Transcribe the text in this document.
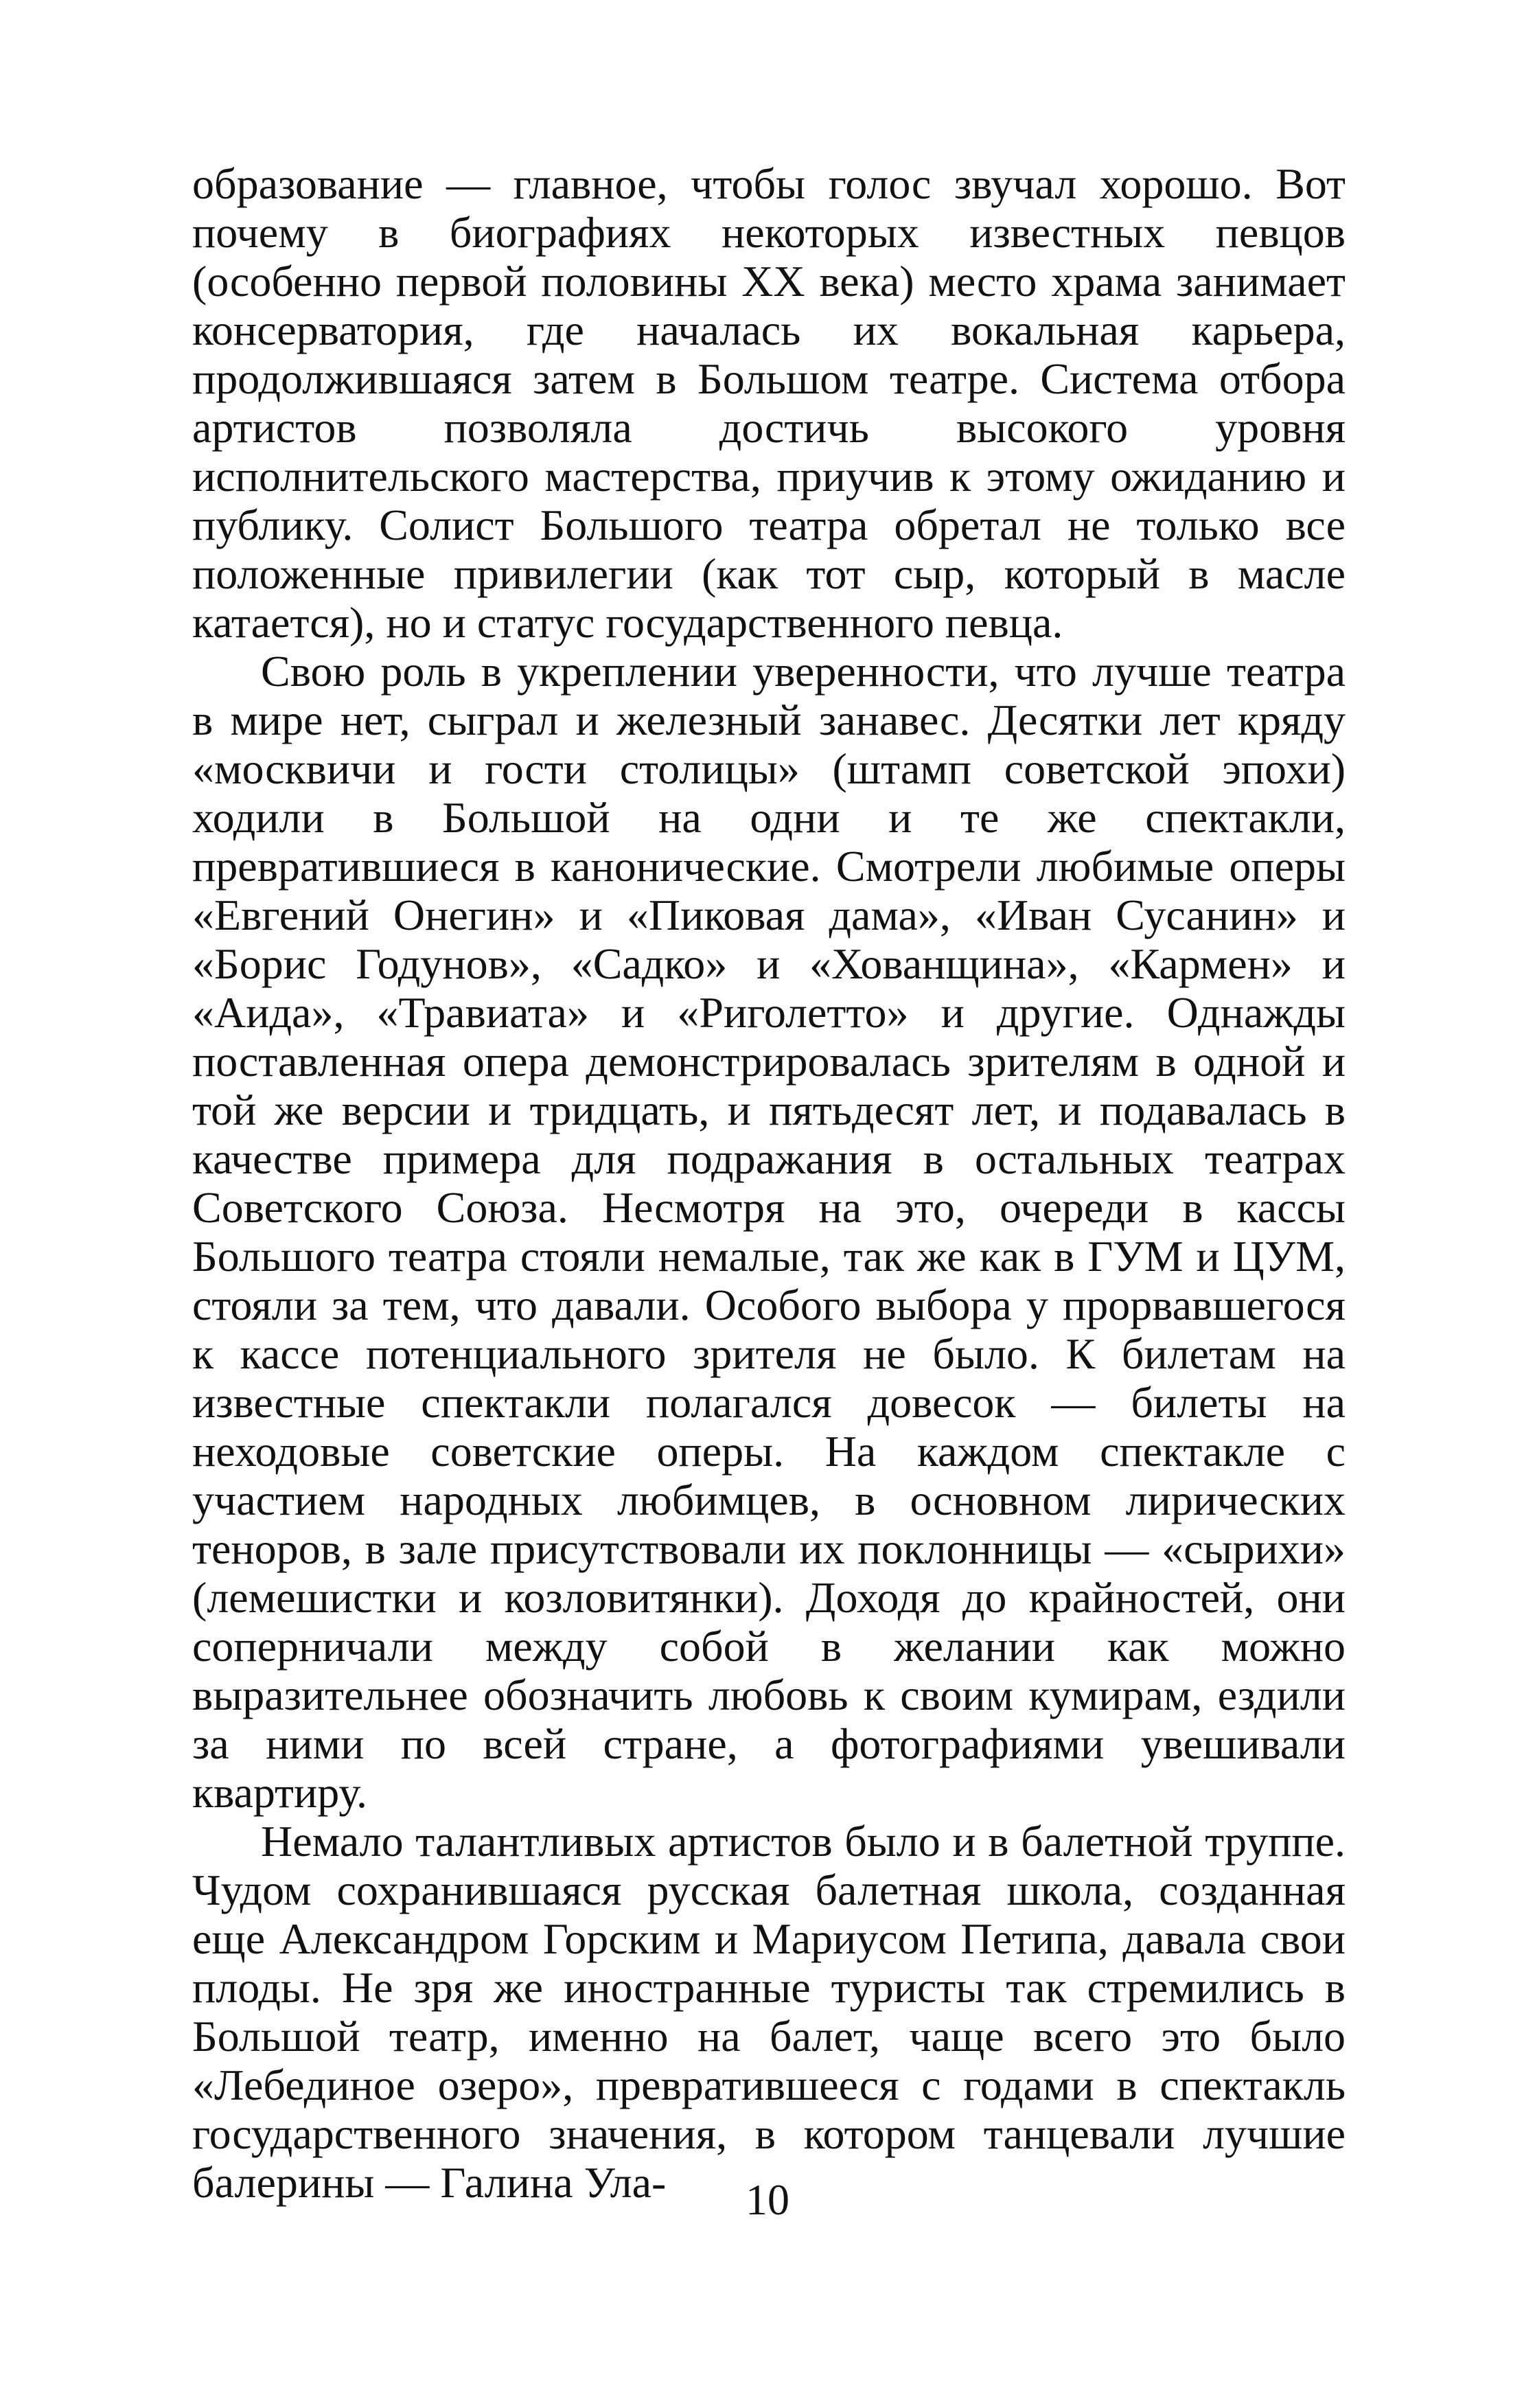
образование — главное, чтобы голос звучал хорошо. Вот почему в биографиях некоторых известных певцов (особенно первой половины XX века) место храма занимает консерватория, где началась их вокальная карьера, продолжившаяся затем в Большом театре. Система отбора артистов позволяла достичь высокого уровня исполнительского мастерства, приучив к этому ожиданию и публику. Солист Большого театра обретал не только все положенные привилегии (как тот сыр, который в масле катается), но и статус государственного певца.

Свою роль в укреплении уверенности, что лучше театра в мире нет, сыграл и железный занавес. Десятки лет кряду «москвичи и гости столицы» (штамп советской эпохи) ходили в Большой на одни и те же спектакли, превратившиеся в канонические. Смотрели любимые оперы «Евгений Онегин» и «Пиковая дама», «Иван Сусанин» и «Борис Годунов», «Садко» и «Хованщина», «Кармен» и «Аида», «Травиата» и «Риголетто» и другие. Однажды поставленная опера демонстрировалась зрителям в одной и той же версии и тридцать, и пятьдесят лет, и подавалась в качестве примера для подражания в остальных театрах Советского Союза. Несмотря на это, очереди в кассы Большого театра стояли немалые, так же как в ГУМ и ЦУМ, стояли за тем, что давали. Особого выбора у прорвавшегося к кассе потенциального зрителя не было. К билетам на известные спектакли полагался довесок — билеты на неходовые советские оперы. На каждом спектакле с участием народных любимцев, в основном лирических теноров, в зале присутствовали их поклонницы — «сырихи» (лемешистки и козловитянки). Доходя до крайностей, они соперничали между собой в желании как можно выразительнее обозначить любовь к своим кумирам, ездили за ними по всей стране, а фотографиями увешивали квартиру.

Немало талантливых артистов было и в балетной труппе. Чудом сохранившаяся русская балетная школа, созданная еще Александром Горским и Мариусом Петипа, давала свои плоды. Не зря же иностранные туристы так стремились в Большой театр, именно на балет, чаще всего это было «Лебединое озеро», превратившееся с годами в спектакль государственного значения, в котором танцевали лучшие балерины — Галина Ула-	10
